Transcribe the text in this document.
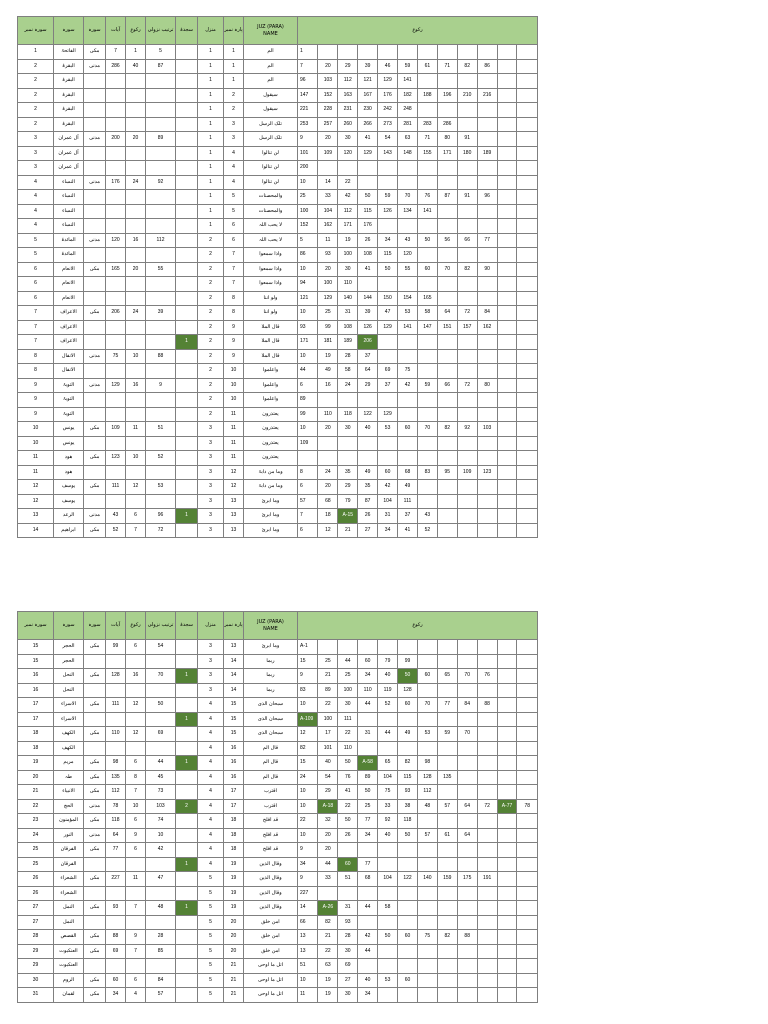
سورہ نمبر	سورہ	سورہ	آیات	رکوع	ترتیب نزولی	سجدۃ	منزل	پارہ نمبر	JUZ (PARA)
NAME	رکوع
1	الفاتحۃ	مکی	7	1	5		1	1	الم		1											

2	البقرۃ	مدنی	286	40	87		1	1	الم		7	20	29	39	46	59	61	71	82	86		

2	البقرۃ						1	1	الم		96	103	112	121	129	141						

2	البقرۃ						1	2	سیقول		147	152	163	167	176	182	188	196	210	216		

2	البقرۃ						1	2	سیقول		221	228	231	230	242	248						

2	البقرۃ						1	3	تلک الرسل		253	257	260	266	273	281	283	286				

3	آل عمران	مدنی	200	20	89		1	3	تلک الرسل		9	20	30	41	54	63	71	80	91			

3	آل عمران						1	4	لن تنالوا		101	109	120	129	143	148	155	171	180	189		

3	آل عمران						1	4	لن تنالوا		200											

4	النساء	مدنی	176	24	92		1	4	لن تنالوا		10	14	22									

4	النساء						1	5	والمحصنات		25	33	42	50	59	70	76	87	91	96		

4	النساء						1	5	والمحصنات		100	104	112	115	126	134	141					

4	النساء						1	6	لا یحب اللہ		152	162	171	176								

5	المائدۃ	مدنی	120	16	112		2	6	لا یحب اللہ		5	11	19	26	34	43	50	56	66	77		

5	المائدۃ						2	7	واذا سمعوا		86	93	100	108	115	120						

6	الانعام	مکی	165	20	55		2	7	واذا سمعوا		10	20	30	41	50	55	60	70	82	90		

6	الانعام						2	7	واذا سمعوا		94	100	110									

6	الانعام						2	8	ولو اننا		121	129	140	144	150	154	165					

7	الاعراف	مکی	206	24	39		2	8	ولو اننا		10	25	31	39	47	53	58	64	72	84		

7	الاعراف						2	9	قال الملا		93	99	108	126	129	141	147	151	157	162		

7	الاعراف					1	2	9	قال الملا		171	181	189	206								

8	الانفال	مدنی	75	10	88		2	9	قال الملا		10	19	28	37								

8	الانفال						2	10	واعلموا		44	49	58	64	69	75						

9	التوبۃ	مدنی	129	16	9		2	10	واعلموا		6	16	24	29	37	42	59	66	72	80		

9	التوبۃ						2	10	واعلموا		89											

9	التوبۃ						2	11	یعتذرون		99	110	118	122	129							

10	یونس	مکی	109	11	51		3	11	یعتذرون		10	20	30	40	53	60	70	82	92	103		

10	یونس						3	11	یعتذرون		109											

11	ھود	مکی	123	10	52		3	11	یعتذرون	

11	ھود						3	12	وما من دابۃ		8	24	35	49	60	68	83	95	109	123		

12	یوسف	مکی	111	12	53		3	12	وما من دابۃ		6	20	29	35	42	49						

12	یوسف						3	13	وما ابرئ		57	68	79	87	104	111						

13	الرعد	مدنی	43	6	96	1	3	13	وما ابرئ		7	18	A-15	26	31	37	43					

14	ابراھیم	مکی	52	7	72		3	13	وما ابرئ		6	12	21	27	34	41	52					
سورہ نمبر	سورہ	سورہ	آیات	رکوع	ترتیب نزولی	سجدۃ	منزل	پارہ نمبر	JUZ (PARA)
NAME	رکوع
15	الحجر	مکی	99	6	54		3	13	وما ابرئ		A-1											

15	الحجر						3	14	ربما		15	25	44	60	79	99						

16	النحل	مکی	128	16	70	1	3	14	ربما		9	21	25	34	40	50	60	65	70	76		

16	النحل						3	14	ربما		83	89	100	110	119	128						

17	الاسراء	مکی	111	12	50		4	15	سبحان الذی		10	22	30	44	52	60	70	77	84	88		

17	الاسراء					1	4	15	سبحان الذی		A-109	100	111									

18	الکھف	مکی	110	12	69		4	15	سبحان الذی		12	17	22	31	44	49	53	59	70			

18	الکھف						4	16	قال الم		82	101	110									

19	مریم	مکی	98	6	44	1	4	16	قال الم		15	40	50	A-58	65	82	98					

20	طہ	مکی	135	8	45		4	16	قال الم		24	54	76	89	104	115	128	135				

21	الانبیاء	مکی	112	7	73		4	17	اقترب		10	29	41	50	75	93	112					

22	الحج	مدنی	78	10	103	2	4	17	اقترب		10	A-18	22	25	33	38	48	57	64	72	A-77	78

23	المؤمنون	مکی	118	6	74		4	18	قد افلح		22	32	50	77	92	118						

24	النور	مدنی	64	9	10		4	18	قد افلح		10	20	26	34	40	50	57	61	64			

25	الفرقان	مکی	77	6	42		4	18	قد افلح		9	20										

25	الفرقان					1	4	19	وقال الذین		34	44	60	77								

26	الشعراء	مکی	227	11	47		5	19	وقال الذین		9	33	51	68	104	122	140	159	175	191		

26	الشعراء						5	19	وقال الذین		227											

27	النمل	مکی	93	7	48	1	5	19	وقال الذین		14	A-26	31	44	58							

27	النمل						5	20	امن خلق		66	82	93									

28	القصص	مکی	88	9	28		5	20	امن خلق		13	21	28	42	50	60	75	82	88			

29	العنکبوت	مکی	69	7	85		5	20	امن خلق		13	22	30	44								

29	العنکبوت						5	21	اتل ما اوحی		51	63	69									

30	الروم	مکی	60	6	84		5	21	اتل ما اوحی		10	19	27	40	53	60						

31	لقمان	مکی	34	4	57		5	21	اتل ما اوحی		11	19	30	34								
